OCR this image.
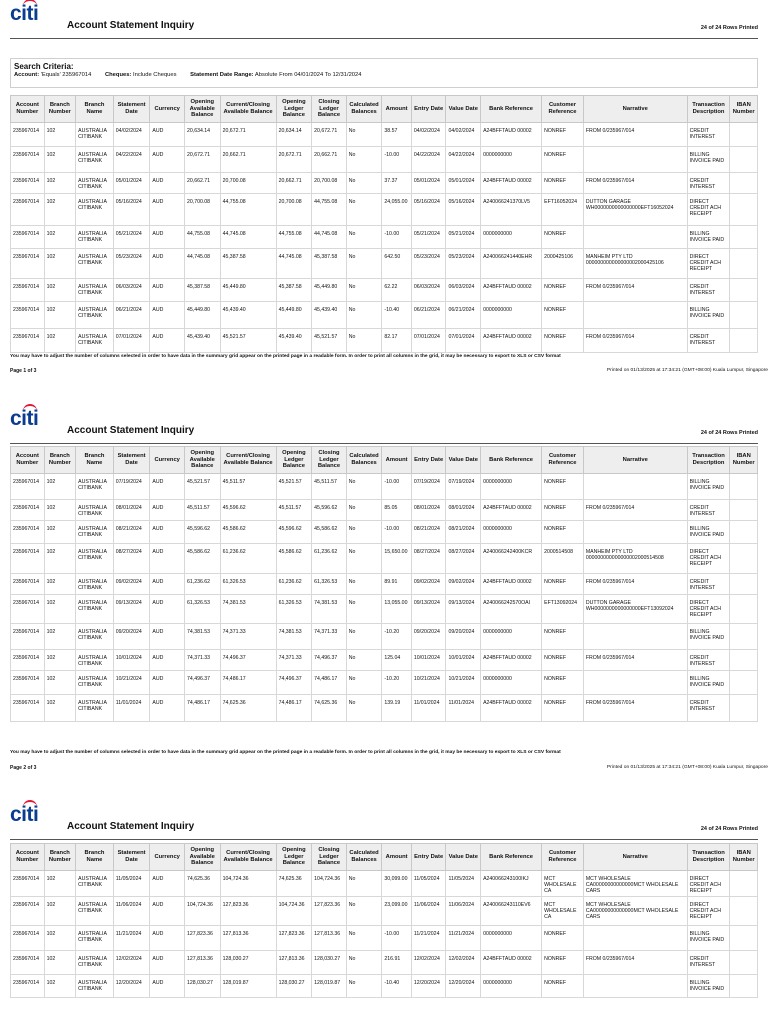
citi
Account Statement Inquiry	24 of 24 Rows Printed
Search Criteria:
Account: 'Equals' 235967014 Cheques: Include Cheques Statement Date Range: Absolute From 04/01/2024 To 12/31/2024
Account Number	Branch Number	Branch Name	Statement Date	Currency	Opening Available Balance	Current/Closing Available Balance	Opening Ledger Balance	Closing Ledger Balance	Calculated Balances	Amount	Entry Date	Value Date	Bank Reference	Customer Reference	Narrative	Transaction Description	IBAN Number
235967014	102	AUSTRALIA CITIBANK	04/02/2024	AUD	20,634.14	20,672.71	20,634.14	20,672.71	No	38.57	04/02/2024	04/02/2024	A24BFFTAUD 00002	NONREF	FROM 0/235967/014	CREDIT INTEREST	
235967014	102	AUSTRALIA CITIBANK	04/22/2024	AUD	20,672.71	20,662.71	20,672.71	20,662.71	No	-10.00	04/22/2024	04/22/2024	0000000000	NONREF		BILLING INVOICE PAID	
235967014	102	AUSTRALIA CITIBANK	05/01/2024	AUD	20,662.71	20,700.08	20,662.71	20,700.08	No	37.37	05/01/2024	05/01/2024	A24BFFTAUD 00002	NONREF	FROM 0/235967/014	CREDIT INTEREST	
235967014	102	AUSTRALIA CITIBANK	05/16/2024	AUD	20,700.08	44,755.08	20,700.08	44,755.08	No	24,055.00	05/16/2024	05/16/2024	A240066241370LV5	EFT16052024	DUTTON GARAGE WH0000000000000000EFT16052024	DIRECT CREDIT ACH RECEIPT	
235967014	102	AUSTRALIA CITIBANK	05/21/2024	AUD	44,755.08	44,745.08	44,755.08	44,745.08	No	-10.00	05/21/2024	05/21/2024	0000000000	NONREF		BILLING INVOICE PAID	
235967014	102	AUSTRALIA CITIBANK	05/23/2024	AUD	44,745.08	45,387.58	44,745.08	45,387.58	No	642.50	05/23/2024	05/23/2024	A240066241440EHR	2000425106	MANHEIM PTY LTD 000000000000000002000425106	DIRECT CREDIT ACH RECEIPT	
235967014	102	AUSTRALIA CITIBANK	06/03/2024	AUD	45,387.58	45,449.80	45,387.58	45,449.80	No	62.22	06/03/2024	06/03/2024	A24BFFTAUD 00002	NONREF	FROM 0/235967/014	CREDIT INTEREST	
235967014	102	AUSTRALIA CITIBANK	06/21/2024	AUD	45,449.80	45,439.40	45,449.80	45,439.40	No	-10.40	06/21/2024	06/21/2024	0000000000	NONREF		BILLING INVOICE PAID	
235967014	102	AUSTRALIA CITIBANK	07/01/2024	AUD	45,439.40	45,521.57	45,439.40	45,521.57	No	82.17	07/01/2024	07/01/2024	A24BFFTAUD 00002	NONREF	FROM 0/235967/014	CREDIT INTEREST	
You may have to adjust the number of columns selected in order to have data in the summary grid appear on the printed page in a readable form. In order to print all columns in the grid, it may be necessary to export to XLS or CSV format
Page 1 of 3	Printed on 01/13/2025 at 17:34:21 (GMT+08:00) Kuala Lumpur, Singapore
citi
Account Statement Inquiry	24 of 24 Rows Printed
Account Number	Branch Number	Branch Name	Statement Date	Currency	Opening Available Balance	Current/Closing Available Balance	Opening Ledger Balance	Closing Ledger Balance	Calculated Balances	Amount	Entry Date	Value Date	Bank Reference	Customer Reference	Narrative	Transaction Description	IBAN Number
235967014	102	AUSTRALIA CITIBANK	07/19/2024	AUD	45,521.57	45,511.57	45,521.57	45,511.57	No	-10.00	07/19/2024	07/19/2024	0000000000	NONREF		BILLING INVOICE PAID	
235967014	102	AUSTRALIA CITIBANK	08/01/2024	AUD	45,511.57	45,596.62	45,511.57	45,596.62	No	85.05	08/01/2024	08/01/2024	A24BFFTAUD 00002	NONREF	FROM 0/235967/014	CREDIT INTEREST	
235967014	102	AUSTRALIA CITIBANK	08/21/2024	AUD	45,596.62	45,586.62	45,596.62	45,586.62	No	-10.00	08/21/2024	08/21/2024	0000000000	NONREF		BILLING INVOICE PAID	
235967014	102	AUSTRALIA CITIBANK	08/27/2024	AUD	45,586.62	61,236.62	45,586.62	61,236.62	No	15,650.00	08/27/2024	08/27/2024	A240066242400KCR	2000514508	MANHEIM PTY LTD 000000000000000002000514508	DIRECT CREDIT ACH RECEIPT	
235967014	102	AUSTRALIA CITIBANK	09/02/2024	AUD	61,236.62	61,326.53	61,236.62	61,326.53	No	89.91	09/02/2024	09/02/2024	A24BFFTAUD 00002	NONREF	FROM 0/235967/014	CREDIT INTEREST	
235967014	102	AUSTRALIA CITIBANK	09/13/2024	AUD	61,326.53	74,381.53	61,326.53	74,381.53	No	13,055.00	09/13/2024	09/13/2024	A240066242570OAI	EFT13092024	DUTTON GARAGE WH0000000000000000EFT13092024	DIRECT CREDIT ACH RECEIPT	
235967014	102	AUSTRALIA CITIBANK	09/20/2024	AUD	74,381.53	74,371.33	74,381.53	74,371.33	No	-10.20	09/20/2024	09/20/2024	0000000000	NONREF		BILLING INVOICE PAID	
235967014	102	AUSTRALIA CITIBANK	10/01/2024	AUD	74,371.33	74,496.37	74,371.33	74,496.37	No	125.04	10/01/2024	10/01/2024	A24BFFTAUD 00002	NONREF	FROM 0/235967/014	CREDIT INTEREST	
235967014	102	AUSTRALIA CITIBANK	10/21/2024	AUD	74,496.37	74,486.17	74,496.37	74,486.17	No	-10.20	10/21/2024	10/21/2024	0000000000	NONREF		BILLING INVOICE PAID	
235967014	102	AUSTRALIA CITIBANK	11/01/2024	AUD	74,486.17	74,625.36	74,486.17	74,625.36	No	139.19	11/01/2024	11/01/2024	A24BFFTAUD 00002	NONREF	FROM 0/235967/014	CREDIT INTEREST	
You may have to adjust the number of columns selected in order to have data in the summary grid appear on the printed page in a readable form. In order to print all columns in the grid, it may be necessary to export to XLS or CSV format
Page 2 of 3	Printed on 01/13/2025 at 17:34:21 (GMT+08:00) Kuala Lumpur, Singapore
citi
Account Statement Inquiry	24 of 24 Rows Printed
Account Number	Branch Number	Branch Name	Statement Date	Currency	Opening Available Balance	Current/Closing Available Balance	Opening Ledger Balance	Closing Ledger Balance	Calculated Balances	Amount	Entry Date	Value Date	Bank Reference	Customer Reference	Narrative	Transaction Description	IBAN Number
235967014	102	AUSTRALIA CITIBANK	11/05/2024	AUD	74,625.36	104,724.36	74,625.36	104,724.36	No	30,099.00	11/05/2024	11/05/2024	A240066243100IKJ	MCT WHOLESALE CA	MCT WHOLESALE CA00000000000000MCT WHOLESALE CARS	DIRECT CREDIT ACH RECEIPT	
235967014	102	AUSTRALIA CITIBANK	11/06/2024	AUD	104,724.36	127,823.36	104,724.36	127,823.36	No	23,099.00	11/06/2024	11/06/2024	A240066243110EV6	MCT WHOLESALE CA	MCT WHOLESALE CA00000000000000MCT WHOLESALE CARS	DIRECT CREDIT ACH RECEIPT	
235967014	102	AUSTRALIA CITIBANK	11/21/2024	AUD	127,823.36	127,813.36	127,823.36	127,813.36	No	-10.00	11/21/2024	11/21/2024	0000000000	NONREF		BILLING INVOICE PAID	
235967014	102	AUSTRALIA CITIBANK	12/02/2024	AUD	127,813.36	128,030.27	127,813.36	128,030.27	No	216.91	12/02/2024	12/02/2024	A24BFFTAUD 00002	NONREF	FROM 0/235967/014	CREDIT INTEREST	
235967014	102	AUSTRALIA CITIBANK	12/20/2024	AUD	128,030.27	128,019.87	128,030.27	128,019.87	No	-10.40	12/20/2024	12/20/2024	0000000000	NONREF		BILLING INVOICE PAID	
